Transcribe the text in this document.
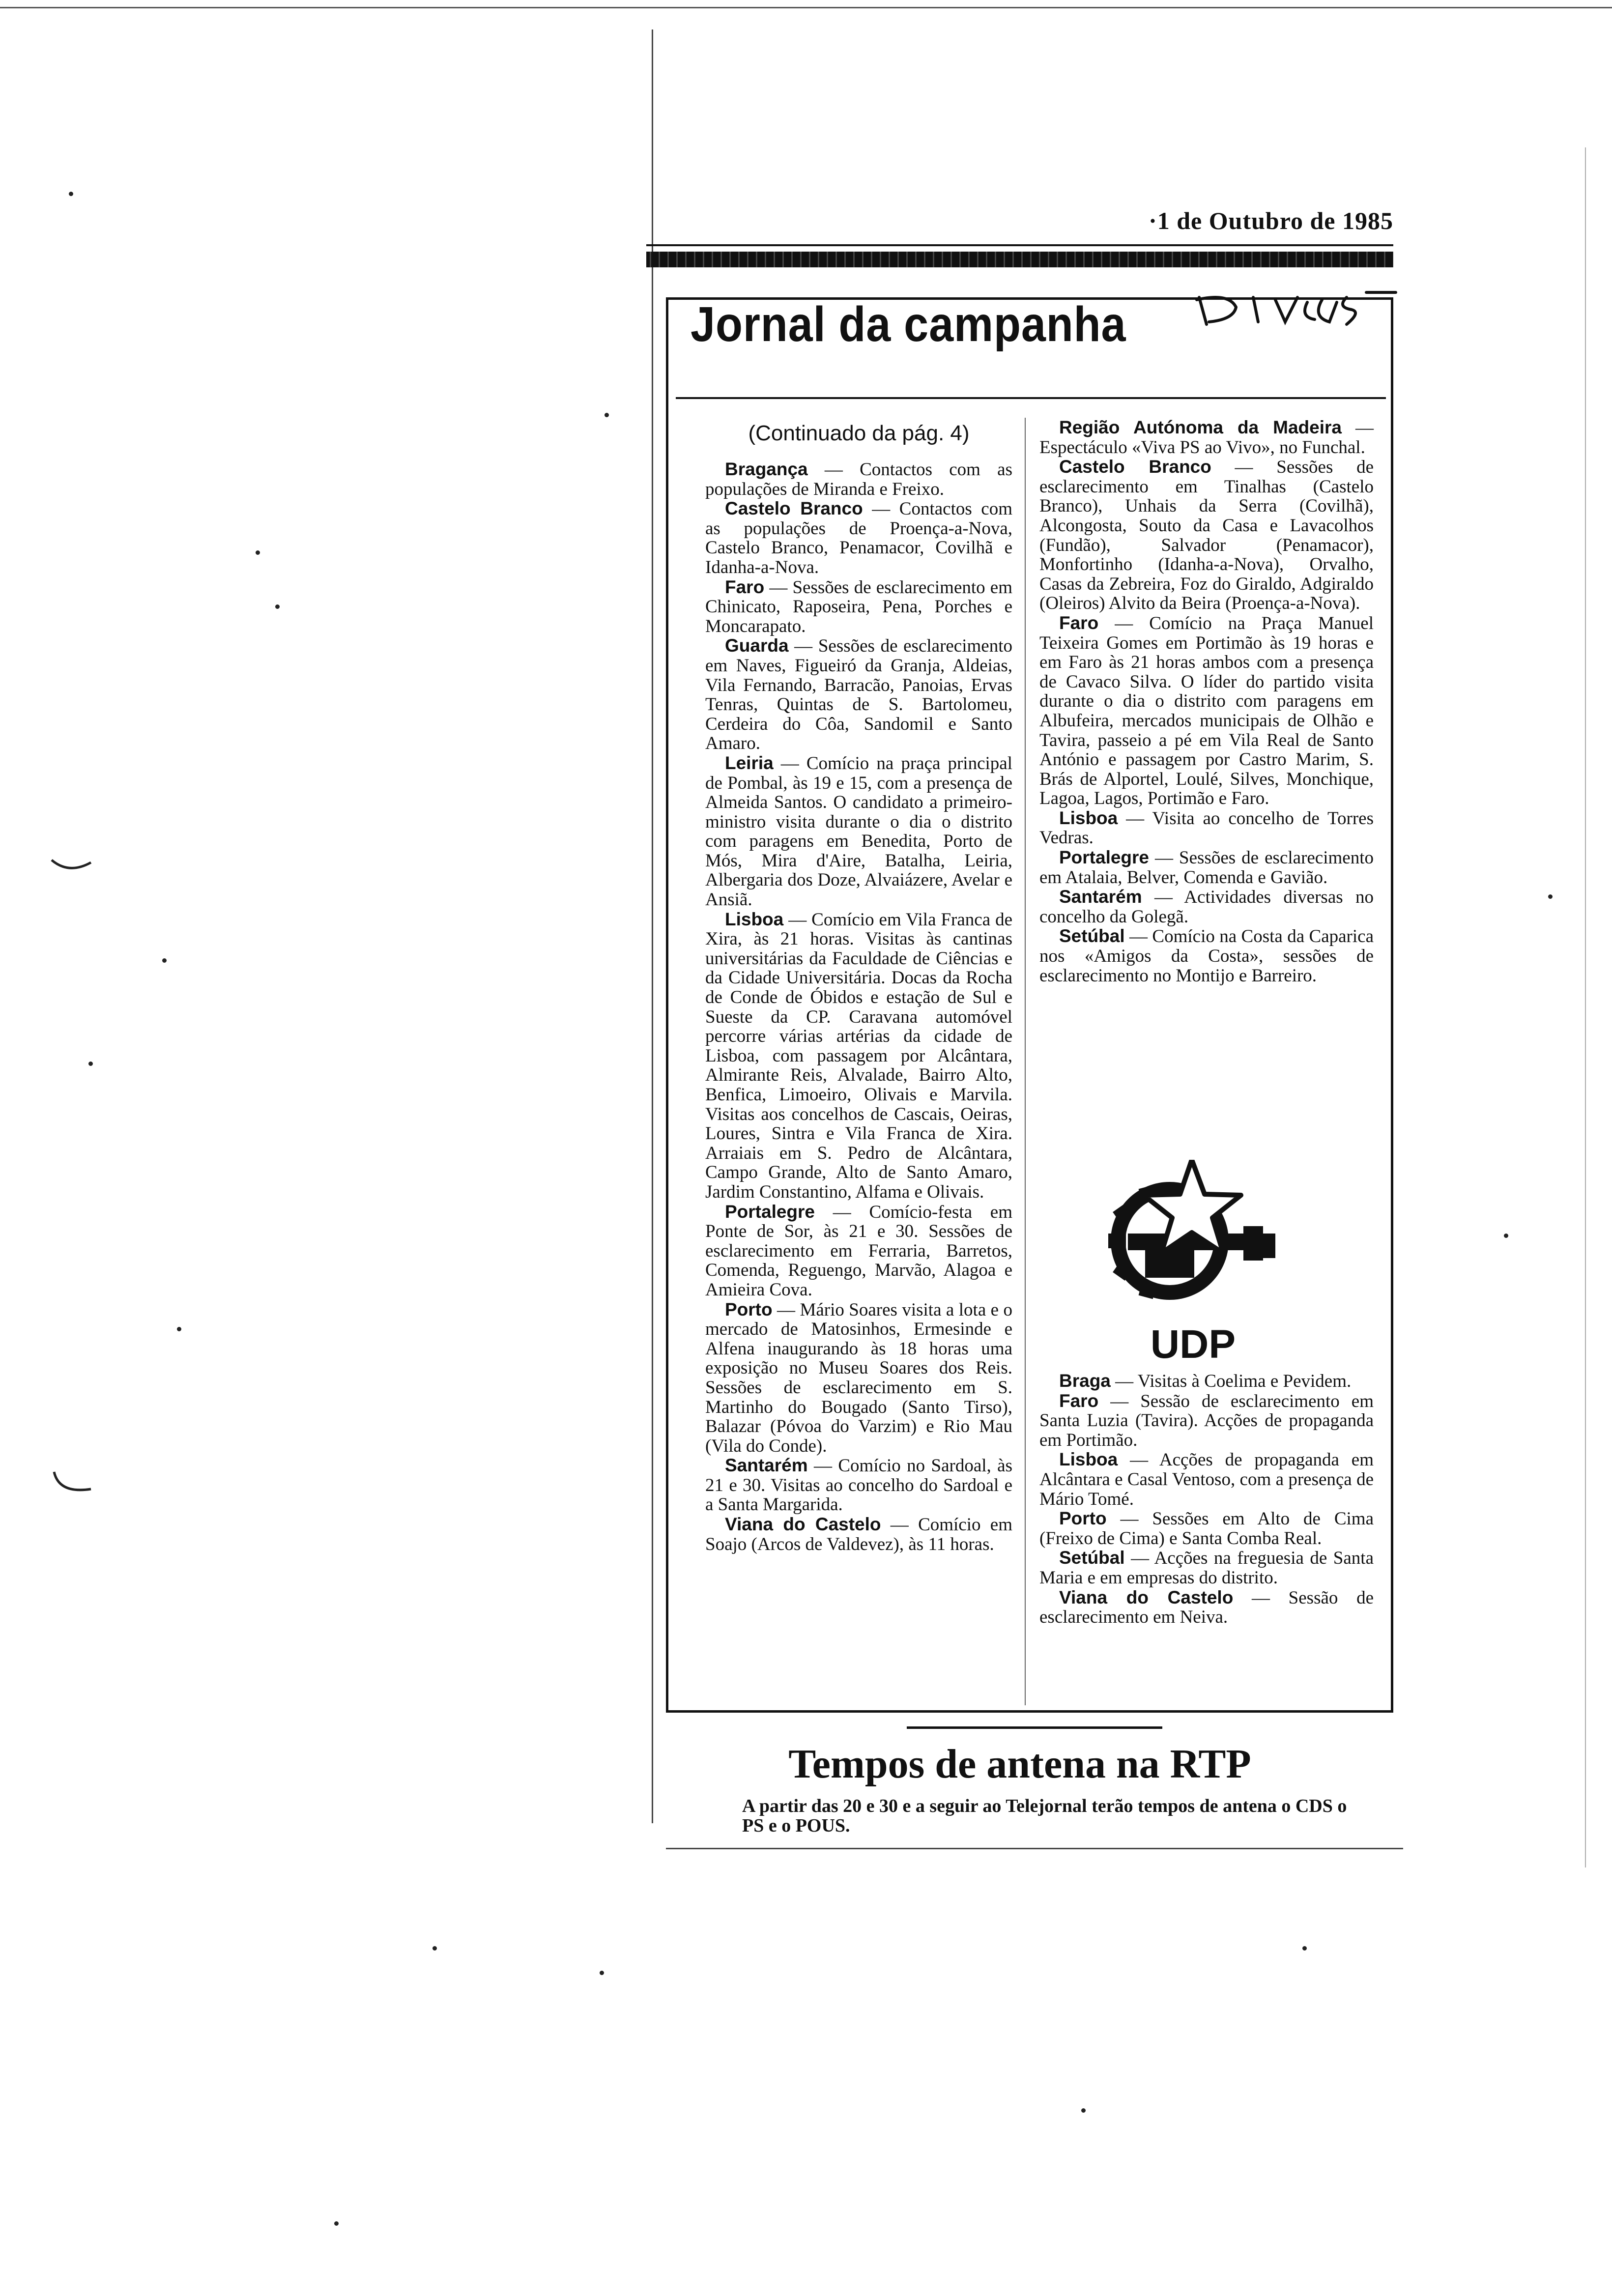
·1 de Outubro de 1985
Jornal da campanha
(Continuado da pág. 4)

Bragança — Contactos com as populações de Miranda e Freixo.

Castelo Branco — Contactos com as populações de Proença-a-Nova, Castelo Branco, Penamacor, Covilhã e Idanha-a-Nova.

Faro — Sessões de esclarecimento em Chinicato, Raposeira, Pena, Porches e Moncarapato.

Guarda — Sessões de esclarecimento em Naves, Figueiró da Granja, Aldeias, Vila Fernando, Barracão, Panoias, Ervas Tenras, Quintas de S. Bartolomeu, Cerdeira do Côa, Sandomil e Santo Amaro.

Leiria — Comício na praça principal de Pombal, às 19 e 15, com a presença de Almeida Santos. O candidato a primeiro-ministro visita durante o dia o distrito com paragens em Benedita, Porto de Mós, Mira d'Aire, Batalha, Leiria, Albergaria dos Doze, Alvaiázere, Avelar e Ansiã.

Lisboa — Comício em Vila Franca de Xira, às 21 horas. Visitas às cantinas universitárias da Faculdade de Ciências e da Cidade Universitária. Docas da Rocha de Conde de Óbidos e estação de Sul e Sueste da CP. Caravana automóvel percorre várias artérias da cidade de Lisboa, com passagem por Alcântara, Almirante Reis, Alvalade, Bairro Alto, Benfica, Limoeiro, Olivais e Marvila. Visitas aos concelhos de Cascais, Oeiras, Loures, Sintra e Vila Franca de Xira. Arraiais em S. Pedro de Alcântara, Campo Grande, Alto de Santo Amaro, Jardim Constantino, Alfama e Olivais.

Portalegre — Comício-festa em Ponte de Sor, às 21 e 30. Sessões de esclarecimento em Ferraria, Barretos, Comenda, Reguengo, Marvão, Alagoa e Amieira Cova.

Porto — Mário Soares visita a lota e o mercado de Matosinhos, Ermesinde e Alfena inaugurando às 18 horas uma exposição no Museu Soares dos Reis. Sessões de esclarecimento em S. Martinho do Bougado (Santo Tirso), Balazar (Póvoa do Varzim) e Rio Mau (Vila do Conde).

Santarém — Comício no Sardoal, às 21 e 30. Visitas ao concelho do Sardoal e a Santa Margarida.

Viana do Castelo — Comício em Soajo (Arcos de Valdevez), às 11 horas.

Região Autónoma da Madeira — Espectáculo «Viva PS ao Vivo», no Funchal.

Castelo Branco — Sessões de esclarecimento em Tinalhas (Castelo Branco), Unhais da Serra (Covilhã), Alcongosta, Souto da Casa e Lavacolhos (Fundão), Salvador (Penamacor), Monfortinho (Idanha-a-Nova), Orvalho, Casas da Zebreira, Foz do Giraldo, Adgiraldo (Oleiros) Alvito da Beira (Proença-a-Nova).

Faro — Comício na Praça Manuel Teixeira Gomes em Portimão às 19 horas e em Faro às 21 horas ambos com a presença de Cavaco Silva. O líder do partido visita durante o dia o distrito com paragens em Albufeira, mercados municipais de Olhão e Tavira, passeio a pé em Vila Real de Santo António e passagem por Castro Marim, S. Brás de Alportel, Loulé, Silves, Monchique, Lagoa, Lagos, Portimão e Faro.

Lisboa — Visita ao concelho de Torres Vedras.

Portalegre — Sessões de esclarecimento em Atalaia, Belver, Comenda e Gavião.

Santarém — Actividades diversas no concelho da Golegã.

Setúbal — Comício na Costa da Caparica nos «Amigos da Costa», sessões de esclarecimento no Montijo e Barreiro.

UDP

Braga — Visitas à Coelima e Pevidem.

Faro — Sessão de esclarecimento em Santa Luzia (Tavira). Acções de propaganda em Portimão.

Lisboa — Acções de propaganda em Alcântara e Casal Ventoso, com a presença de Mário Tomé.

Porto — Sessões em Alto de Cima (Freixo de Cima) e Santa Comba Real.

Setúbal — Acções na freguesia de Santa Maria e em empresas do distrito.

Viana do Castelo — Sessão de esclarecimento em Neiva.

Tempos de antena na RTP
A partir das 20 e 30 e a seguir ao Telejornal terão tempos de antena o CDS o PS e o POUS.
